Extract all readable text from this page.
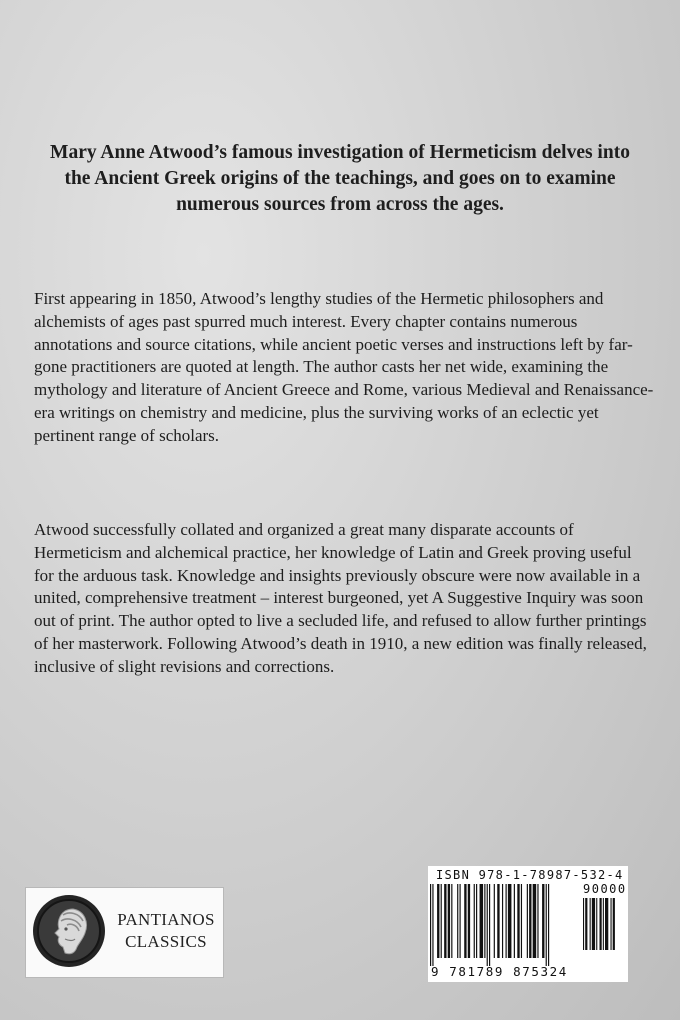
Mary Anne Atwood’s famous investigation of Hermeticism delves into the Ancient Greek origins of the teachings, and goes on to examine numerous sources from across the ages.
First appearing in 1850, Atwood’s lengthy studies of the Hermetic philosophers and alchemists of ages past spurred much interest. Every chapter contains numerous annotations and source citations, while ancient poetic verses and instructions left by far-gone practitioners are quoted at length. The author casts her net wide, examining the mythology and literature of Ancient Greece and Rome, various Medieval and Renaissance-era writings on chemistry and medicine, plus the surviving works of an eclectic yet pertinent range of scholars.
Atwood successfully collated and organized a great many disparate accounts of Hermeticism and alchemical practice, her knowledge of Latin and Greek proving useful for the arduous task. Knowledge and insights previously obscure were now available in a united, comprehensive treatment – interest burgeoned, yet A Suggestive Inquiry was soon out of print. The author opted to live a secluded life, and refused to allow further printings of her masterwork. Following Atwood’s death in 1910, a new edition was finally released, inclusive of slight revisions and corrections.
PANTIANOS
CLASSICS
ISBN 978-1-78987-532-4
90000
9 781789 875324
